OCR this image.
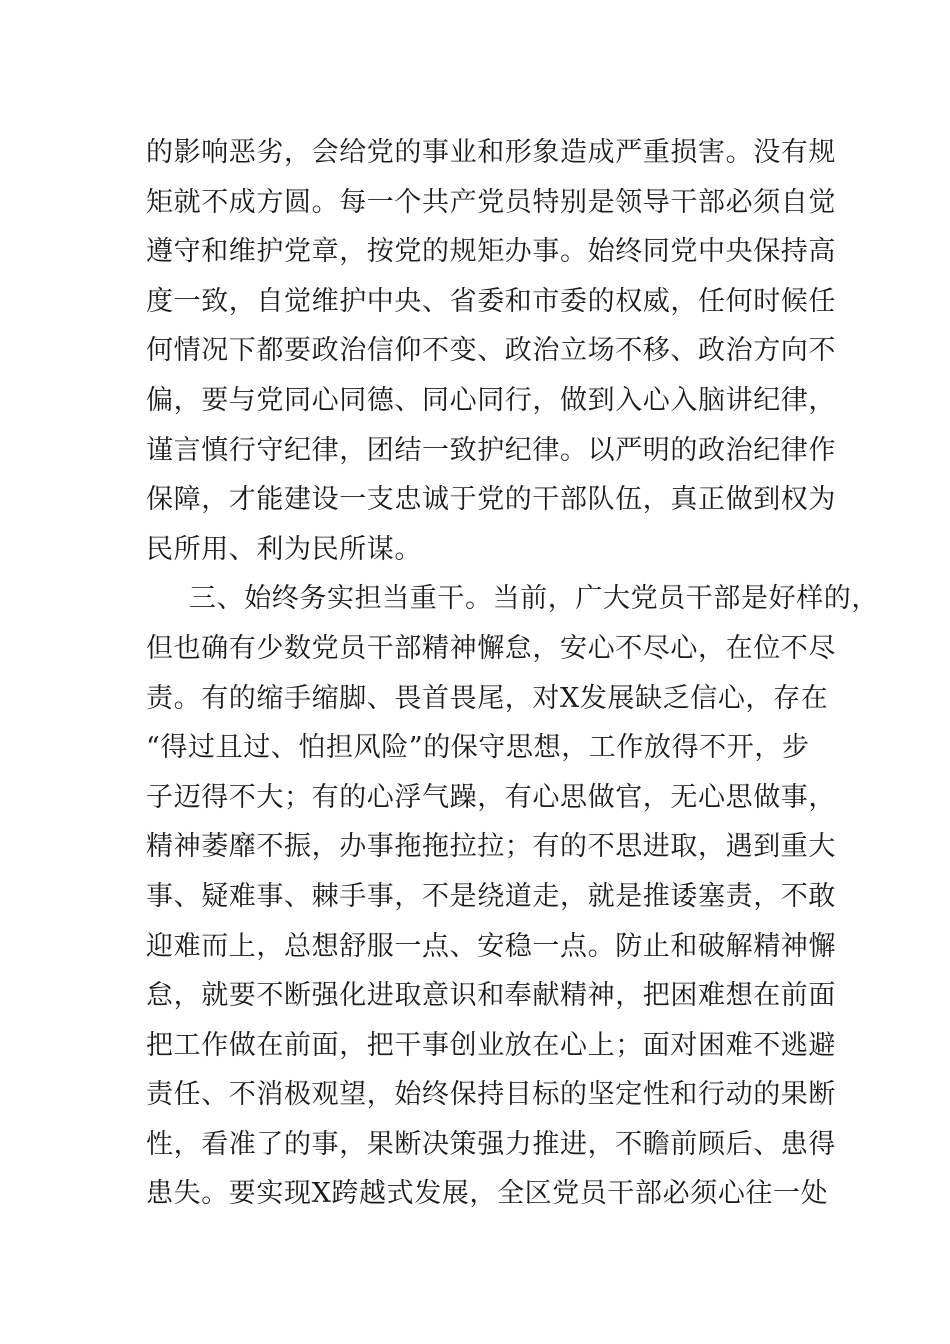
的影响恶劣，会给党的事业和形象造成严重损害。没有规
矩就不成方圆。每一个共产党员特别是领导干部必须自觉
遵守和维护党章，按党的规矩办事。始终同党中央保持高
度一致，自觉维护中央、省委和市委的权威，任何时候任
何情况下都要政治信仰不变、政治立场不移、政治方向不
偏，要与党同心同德、同心同行，做到入心入脑讲纪律，
谨言慎行守纪律，团结一致护纪律。以严明的政治纪律作
保障，才能建设一支忠诚于党的干部队伍，真正做到权为
民所用、利为民所谋。
三、始终务实担当重干。当前，广大党员干部是好样的，
但也确有少数党员干部精神懈怠，安心不尽心，在位不尽
责。有的缩手缩脚、畏首畏尾，对X发展缺乏信心，存在
“得过且过、怕担风险”的保守思想，工作放得不开，步
子迈得不大；有的心浮气躁，有心思做官，无心思做事，
精神萎靡不振，办事拖拖拉拉；有的不思进取，遇到重大
事、疑难事、棘手事，不是绕道走，就是推诿塞责，不敢
迎难而上，总想舒服一点、安稳一点。防止和破解精神懈
怠，就要不断强化进取意识和奉献精神，把困难想在前面
把工作做在前面，把干事创业放在心上；面对困难不逃避
责任、不消极观望，始终保持目标的坚定性和行动的果断
性，看准了的事，果断决策强力推进，不瞻前顾后、患得
患失。要实现X跨越式发展，全区党员干部必须心往一处
